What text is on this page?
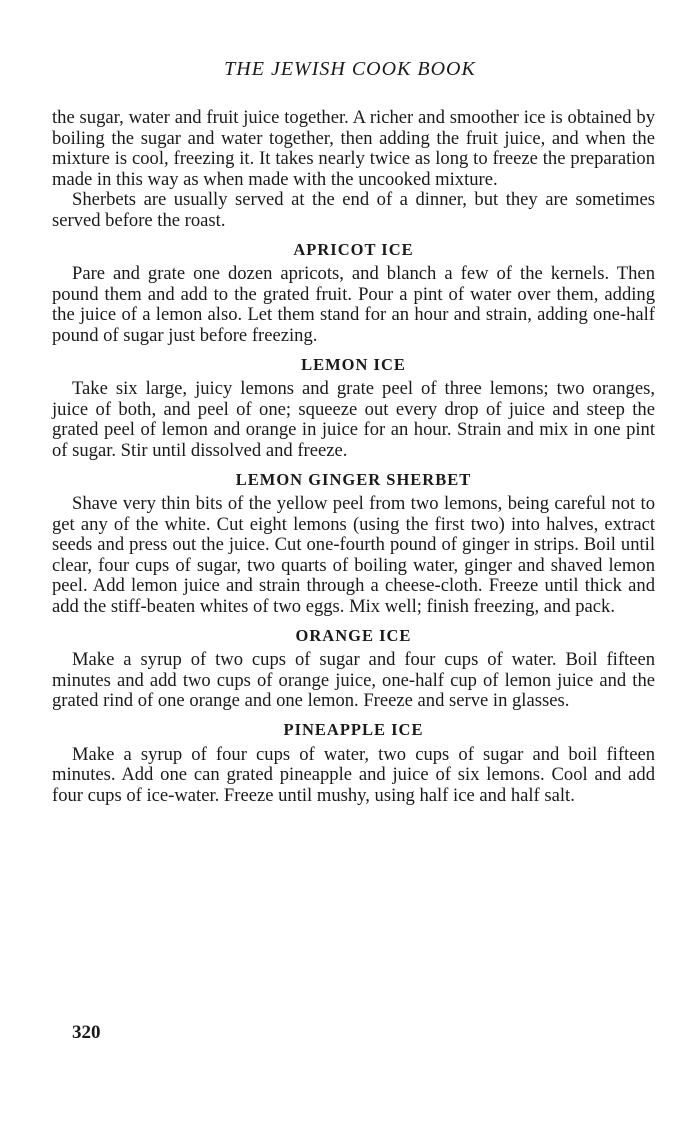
THE JEWISH COOK BOOK

the sugar, water and fruit juice together. A richer and smoother ice is obtained by boiling the sugar and water together, then adding the fruit juice, and when the mixture is cool, freezing it. It takes nearly twice as long to freeze the preparation made in this way as when made with the uncooked mixture.

Sherbets are usually served at the end of a dinner, but they are sometimes served before the roast.

APRICOT ICE

Pare and grate one dozen apricots, and blanch a few of the kernels. Then pound them and add to the grated fruit. Pour a pint of water over them, adding the juice of a lemon also. Let them stand for an hour and strain, adding one-half pound of sugar just before freezing.

LEMON ICE

Take six large, juicy lemons and grate peel of three lemons; two oranges, juice of both, and peel of one; squeeze out every drop of juice and steep the grated peel of lemon and orange in juice for an hour. Strain and mix in one pint of sugar. Stir until dissolved and freeze.

LEMON GINGER SHERBET

Shave very thin bits of the yellow peel from two lemons, being careful not to get any of the white. Cut eight lemons (using the first two) into halves, extract seeds and press out the juice. Cut one-fourth pound of ginger in strips. Boil until clear, four cups of sugar, two quarts of boiling water, ginger and shaved lemon peel. Add lemon juice and strain through a cheese-cloth. Freeze until thick and add the stiff-beaten whites of two eggs. Mix well; finish freezing, and pack.

ORANGE ICE

Make a syrup of two cups of sugar and four cups of water. Boil fifteen minutes and add two cups of orange juice, one-half cup of lemon juice and the grated rind of one orange and one lemon. Freeze and serve in glasses.

PINEAPPLE ICE

Make a syrup of four cups of water, two cups of sugar and boil fifteen minutes. Add one can grated pineapple and juice of six lemons. Cool and add four cups of ice-water. Freeze until mushy, using half ice and half salt.

320
